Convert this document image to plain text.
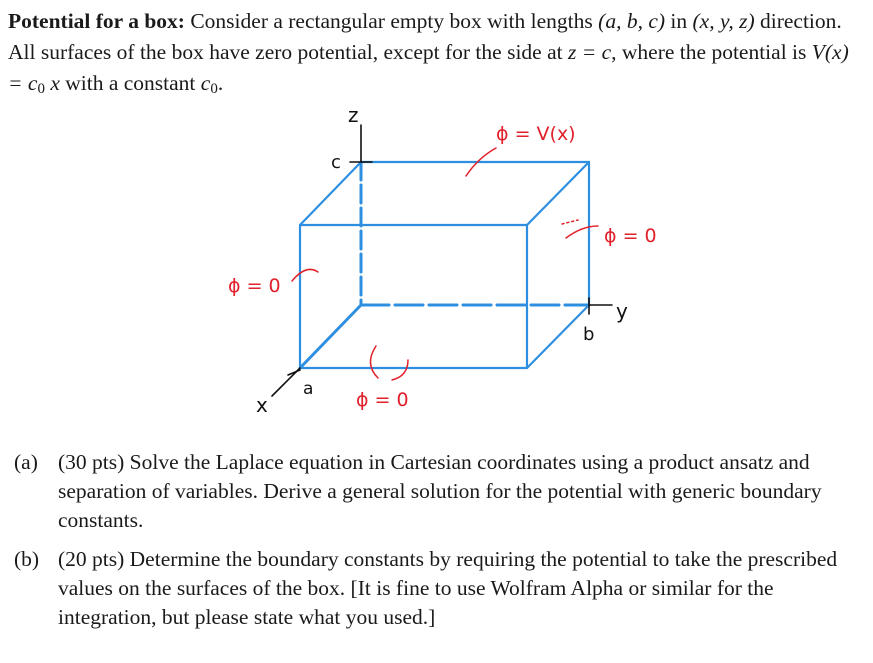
Potential for a box: Consider a rectangular empty box with lengths (a, b, c) in (x, y, z) direction. All surfaces of the box have zero potential, except for the side at z = c, where the potential is $V(x) = c_0$ x with a constant $c_0$.
z
c
y
b
x
a
ϕ = V(x)
ϕ = 0
ϕ = 0
ϕ = 0
(a) (30 pts) Solve the Laplace equation in Cartesian coordinates using a product ansatz and separation of variables. Derive a general solution for the potential with generic boundary constants.
(b) (20 pts) Determine the boundary constants by requiring the potential to take the prescribed values on the surfaces of the box. [It is fine to use Wolfram Alpha or similar for the integration, but please state what you used.]
